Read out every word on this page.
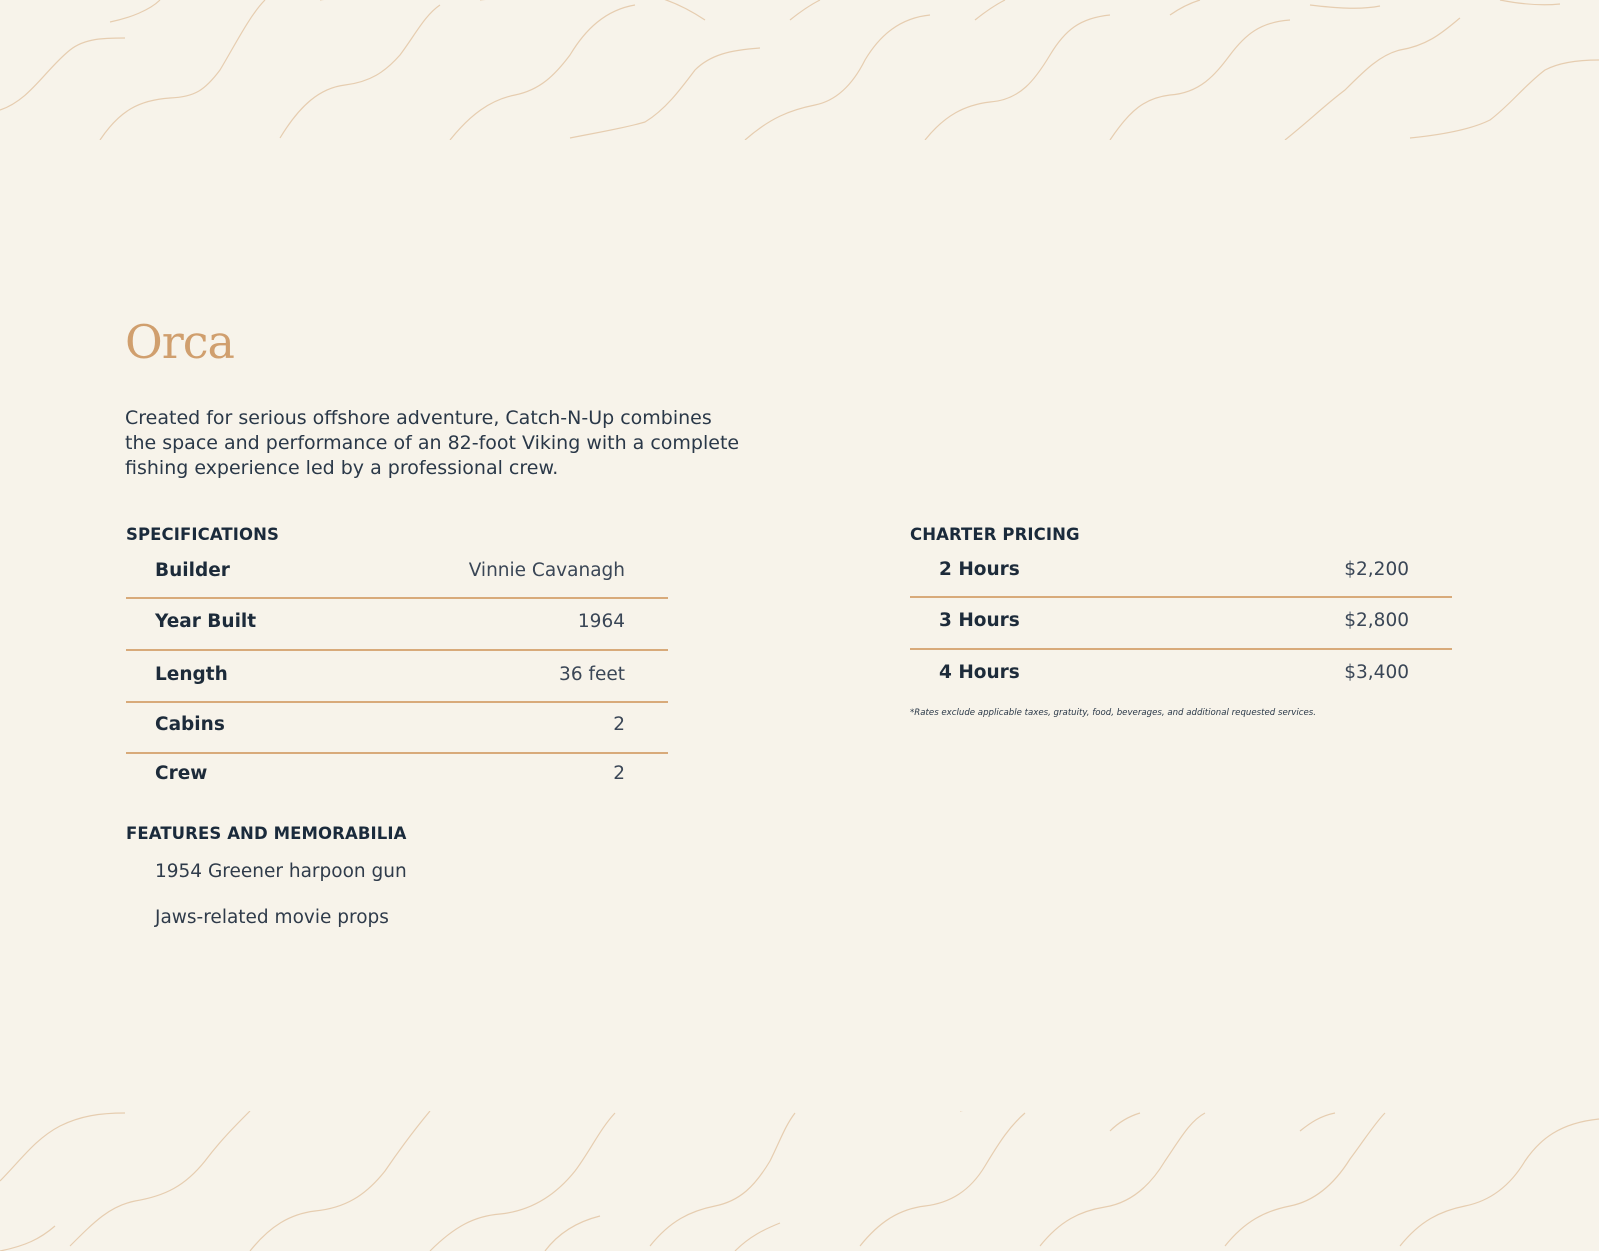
Orca

Created for serious offshore adventure, Catch-N-Up combines the space and performance of an 82-foot Viking with a complete fishing experience led by a professional crew.

SPECIFICATIONS
Builder	Vinnie Cavanagh
Year Built	1964
Length	36 feet
Cabins	2
Crew	2
CHARTER PRICING
2 Hours	$2,200
3 Hours	$2,800
4 Hours	$3,400

*Rates exclude applicable taxes, gratuity, food, beverages, and additional requested services.

FEATURES AND MEMORABILIA
1954 Greener harpoon gun
Jaws-related movie props
